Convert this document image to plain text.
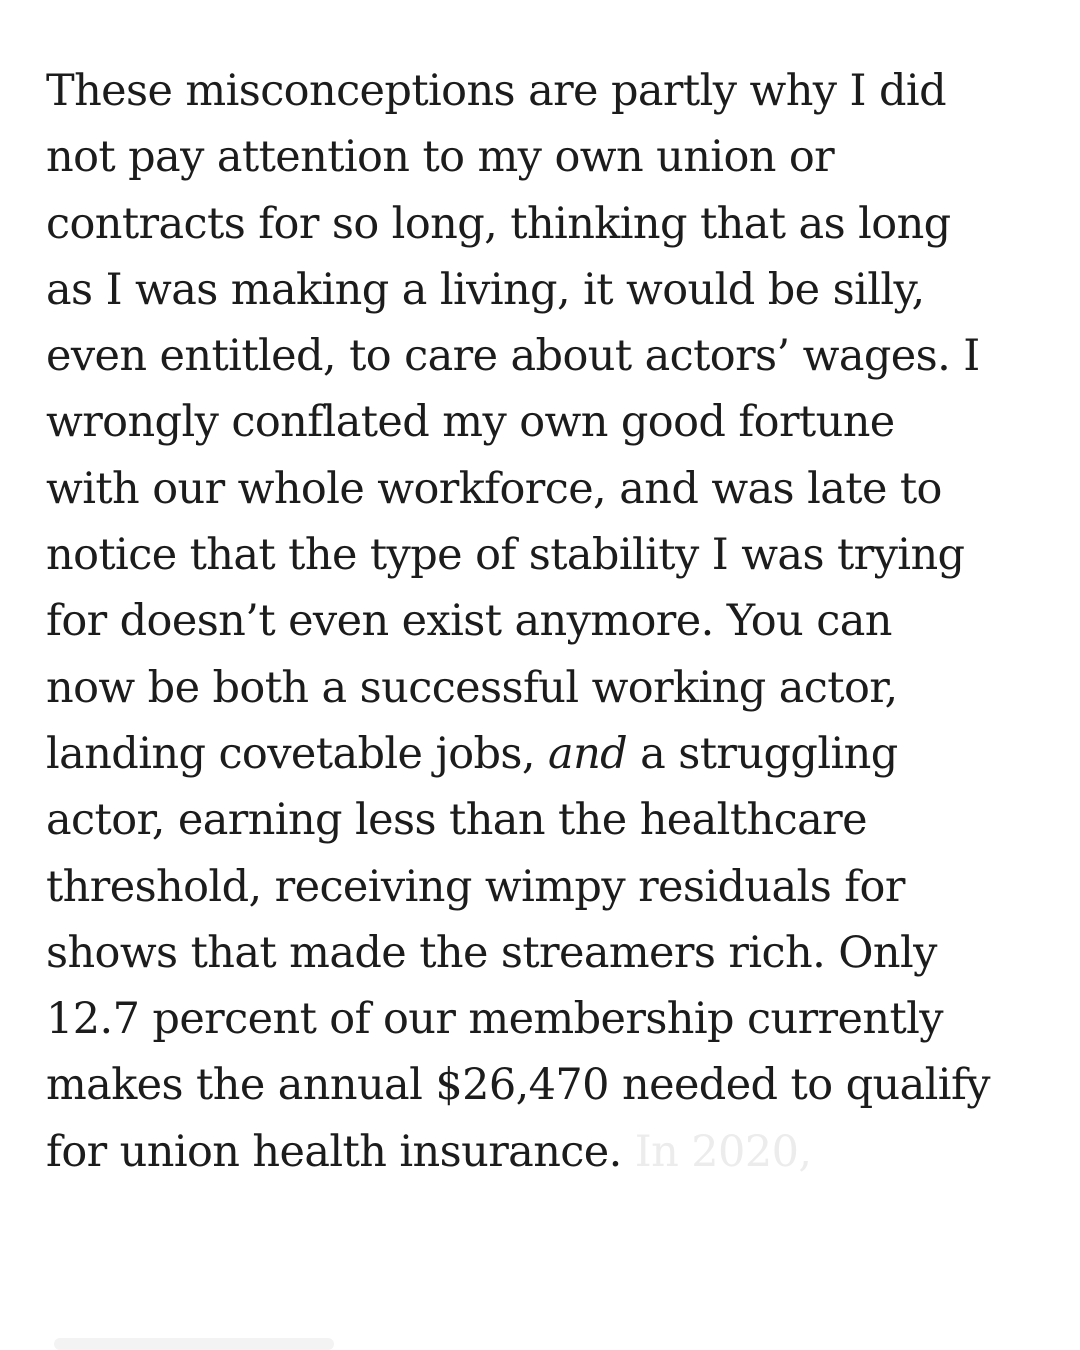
These misconceptions are partly why I did
not pay attention to my own union or
contracts for so long, thinking that as long
as I was making a living, it would be silly,
even entitled, to care about actors’ wages. I
wrongly conflated my own good fortune
with our whole workforce, and was late to
notice that the type of stability I was trying
for doesn’t even exist anymore. You can
now be both a successful working actor,
landing covetable jobs, and a struggling
actor, earning less than the healthcare
threshold, receiving wimpy residuals for
shows that made the streamers rich. Only
12.7 percent of our membership currently
makes the annual $26,470 needed to qualify
for union health insurance. In 2020,
